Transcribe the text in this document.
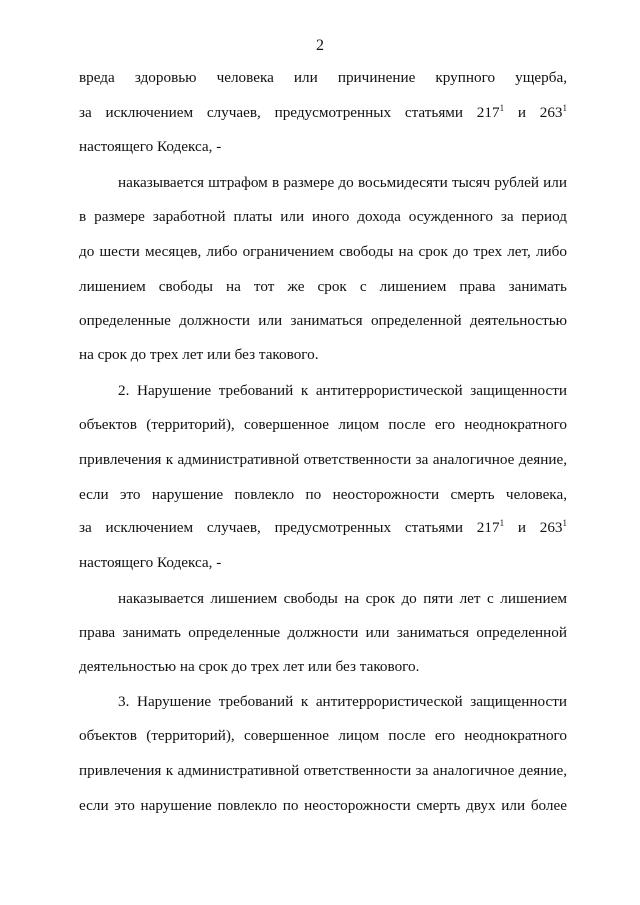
2
вреда здоровью человека или причинение крупного ущерба,
за исключением случаев, предусмотренных статьями $217^1$ и $263^1$
настоящего Кодекса, -
наказывается штрафом в размере до восьмидесяти тысяч рублей или
в размере заработной платы или иного дохода осужденного за период
до шести месяцев, либо ограничением свободы на срок до трех лет, либо
лишением свободы на тот же срок с лишением права занимать
определенные должности или заниматься определенной деятельностью
на срок до трех лет или без такового.
2. Нарушение требований к антитеррористической защищенности
объектов (территорий), совершенное лицом после его неоднократного
привлечения к административной ответственности за аналогичное деяние,
если это нарушение повлекло по неосторожности смерть человека,
за исключением случаев, предусмотренных статьями $217^1$ и $263^1$
настоящего Кодекса, -
наказывается лишением свободы на срок до пяти лет с лишением
права занимать определенные должности или заниматься определенной
деятельностью на срок до трех лет или без такового.
3. Нарушение требований к антитеррористической защищенности
объектов (территорий), совершенное лицом после его неоднократного
привлечения к административной ответственности за аналогичное деяние,
если это нарушение повлекло по неосторожности смерть двух или более
